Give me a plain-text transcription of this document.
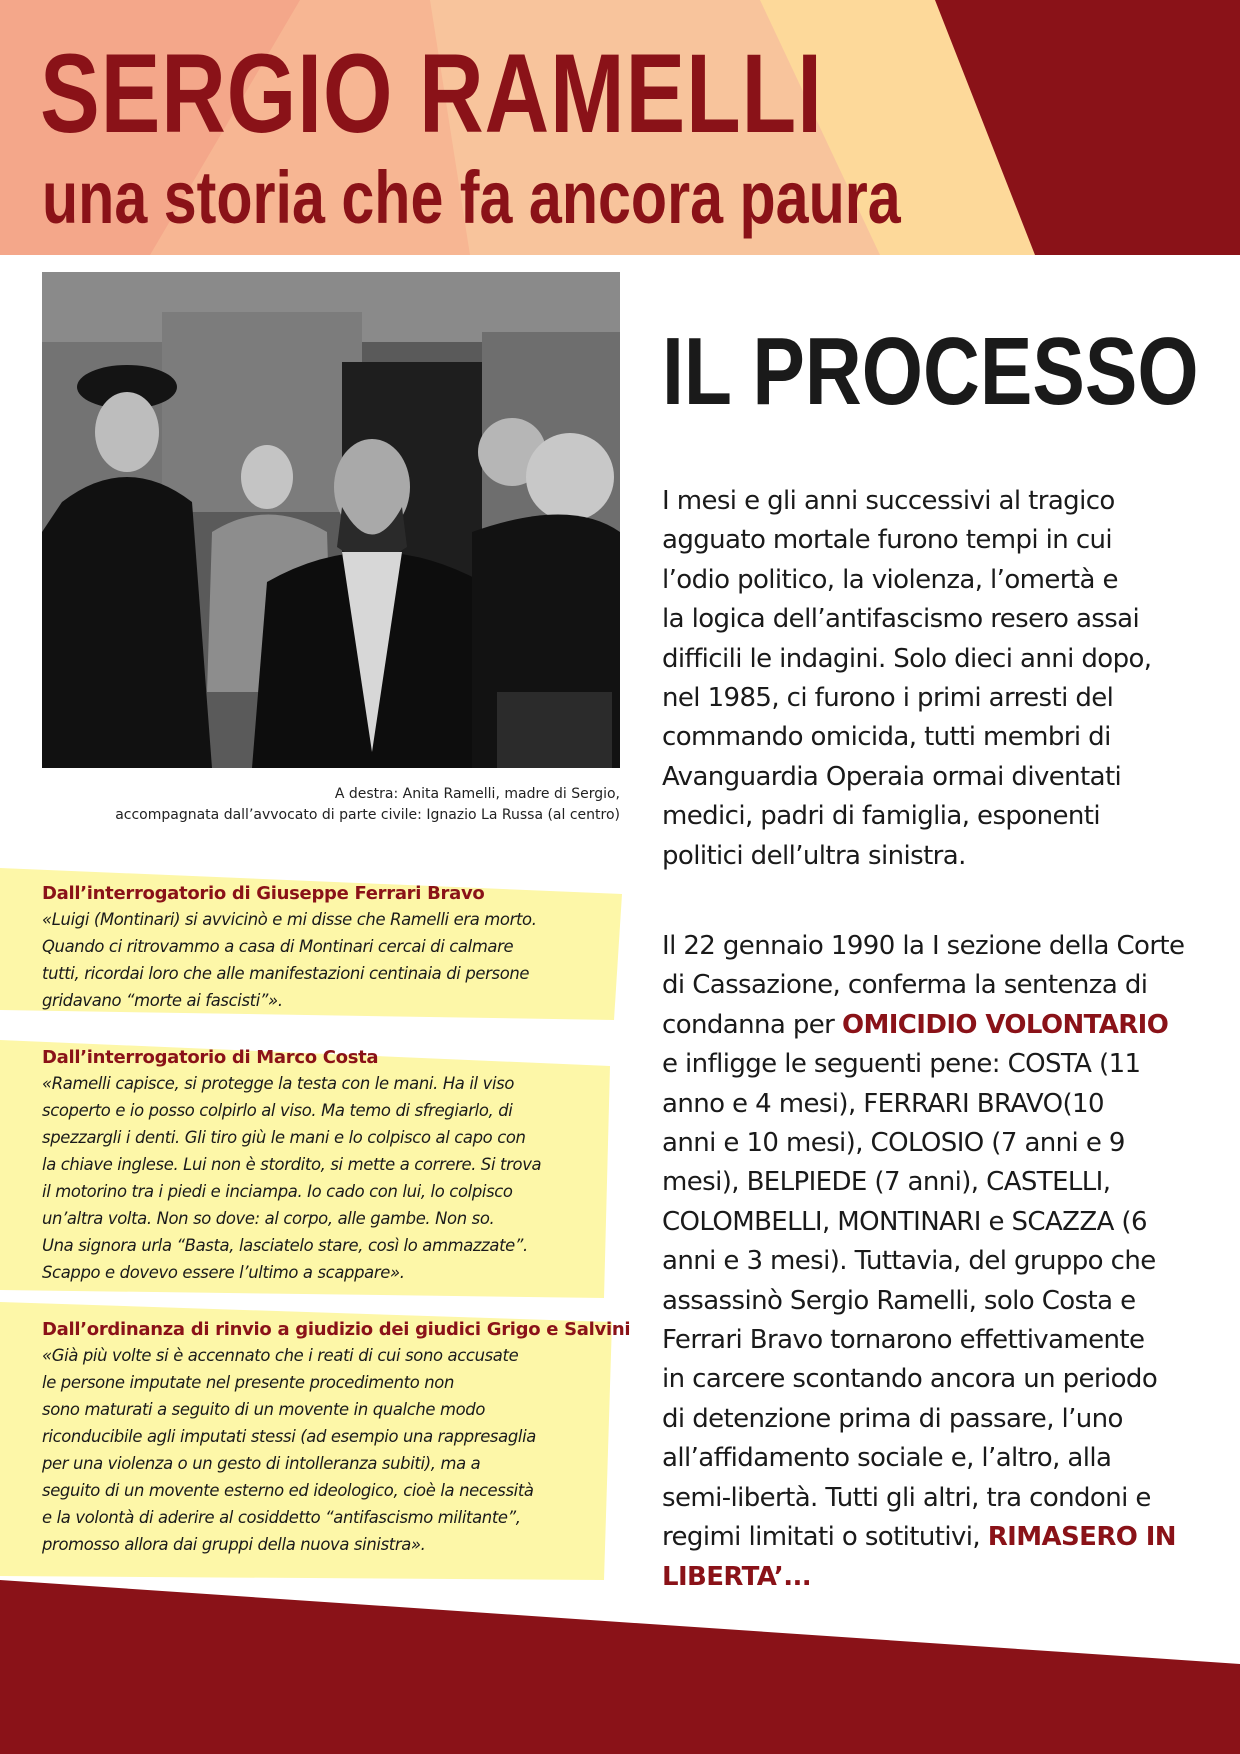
SERGIO RAMELLI
una storia che fa ancora paura
A destra: Anita Ramelli, madre di Sergio,
accompagnata dall’avvocato di parte civile: Ignazio La Russa (al centro)

Dall’interrogatorio di Giuseppe Ferrari Bravo

«Luigi (Montinari) si avvicinò e mi disse che Ramelli era morto.
Quando ci ritrovammo a casa di Montinari cercai di calmare
tutti, ricordai loro che alle manifestazioni centinaia di persone
gridavano “morte ai fascisti”».

Dall’interrogatorio di Marco Costa

«Ramelli capisce, si protegge la testa con le mani. Ha il viso
scoperto e io posso colpirlo al viso. Ma temo di sfregiarlo, di
spezzargli i denti. Gli tiro giù le mani e lo colpisco al capo con
la chiave inglese. Lui non è stordito, si mette a correre. Si trova
il motorino tra i piedi e inciampa. Io cado con lui, lo colpisco
un’altra volta. Non so dove: al corpo, alle gambe. Non so.
Una signora urla “Basta, lasciatelo stare, così lo ammazzate”.
Scappo e dovevo essere l’ultimo a scappare».

Dall’ordinanza di rinvio a giudizio dei giudici Grigo e Salvini

«Già più volte si è accennato che i reati di cui sono accusate
le persone imputate nel presente procedimento non
sono maturati a seguito di un movente in qualche modo
riconducibile agli imputati stessi (ad esempio una rappresaglia
per una violenza o un gesto di intolleranza subiti), ma a
seguito di un movente esterno ed ideologico, cioè la necessità
e la volontà di aderire al cosiddetto “antifascismo militante”,
promosso allora dai gruppi della nuova sinistra».
IL PROCESSO
I mesi e gli anni successivi al tragico
agguato mortale furono tempi in cui
l’odio politico, la violenza, l’omertà e
la logica dell’antifascismo resero assai
difficili le indagini. Solo dieci anni dopo,
nel 1985, ci furono i primi arresti del
commando omicida, tutti membri di
Avanguardia Operaia ormai diventati
medici, padri di famiglia, esponenti
politici dell’ultra sinistra.
Il 22 gennaio 1990 la I sezione della Corte
di Cassazione, conferma la sentenza di
condanna per OMICIDIO VOLONTARIO
e infligge le seguenti pene: COSTA (11
anno e 4 mesi), FERRARI BRAVO(10
anni e 10 mesi), COLOSIO (7 anni e 9
mesi), BELPIEDE (7 anni), CASTELLI,
COLOMBELLI, MONTINARI e SCAZZA (6
anni e 3 mesi). Tuttavia, del gruppo che
assassinò Sergio Ramelli, solo Costa e
Ferrari Bravo tornarono effettivamente
in carcere scontando ancora un periodo
di detenzione prima di passare, l’uno
all’affidamento sociale e, l’altro, alla
semi-libertà. Tutti gli altri, tra condoni e
regimi limitati o sotitutivi, RIMASERO IN
LIBERTA’...
